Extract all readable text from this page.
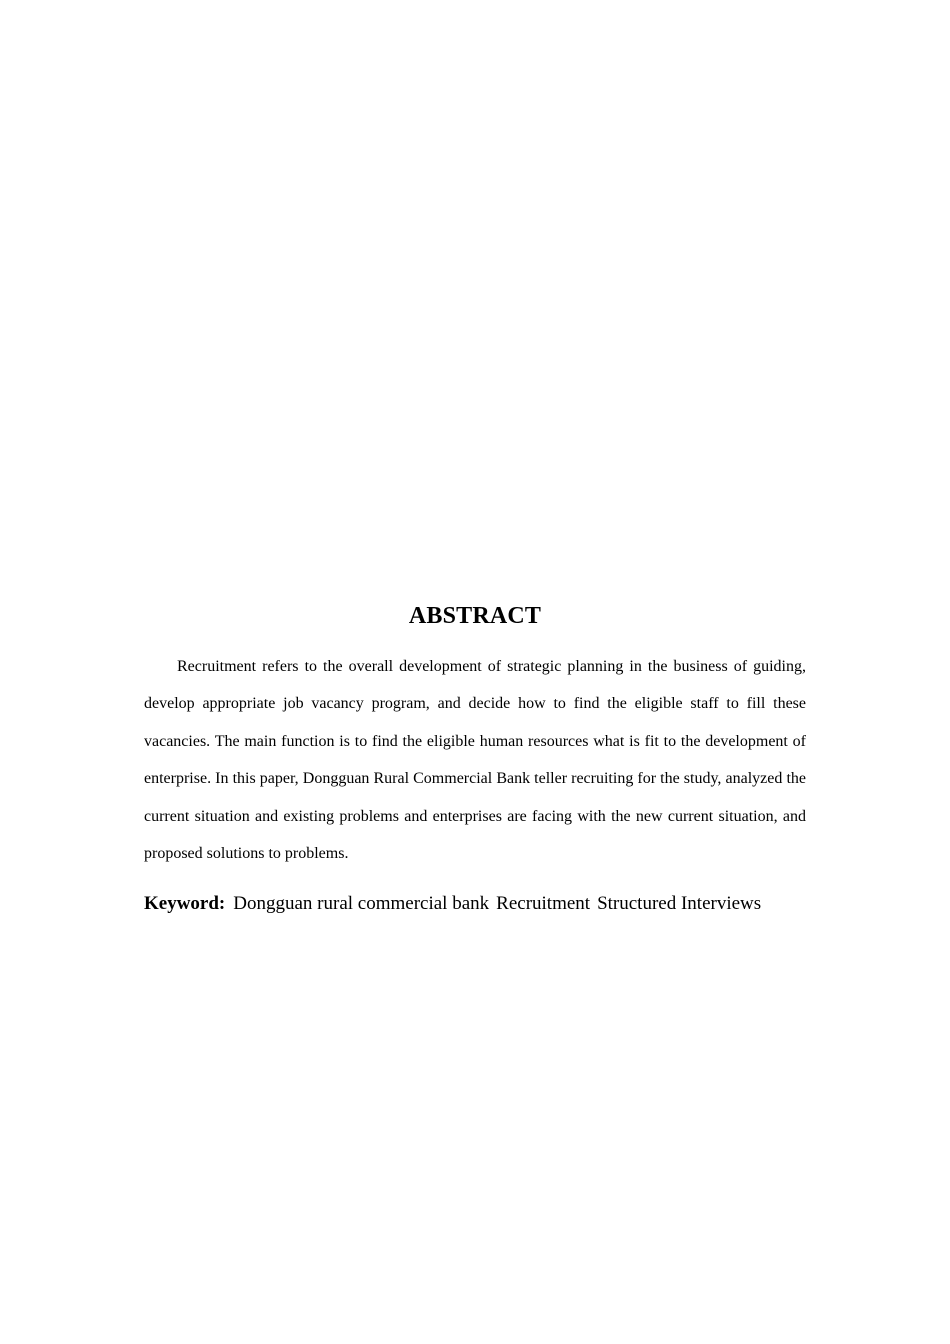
ABSTRACT

Recruitment refers to the overall development of strategic planning in the business of guiding, develop appropriate job vacancy program, and decide how to find the eligible staff to fill these vacancies. The main function is to find the eligible human resources what is fit to the development of enterprise. In this paper, Dongguan Rural Commercial Bank teller recruiting for the study, analyzed the current situation and existing problems and enterprises are facing with the new current situation, and proposed solutions to problems.

Keyword: Dongguan rural commercial bank Recruitment Structured Interviews
